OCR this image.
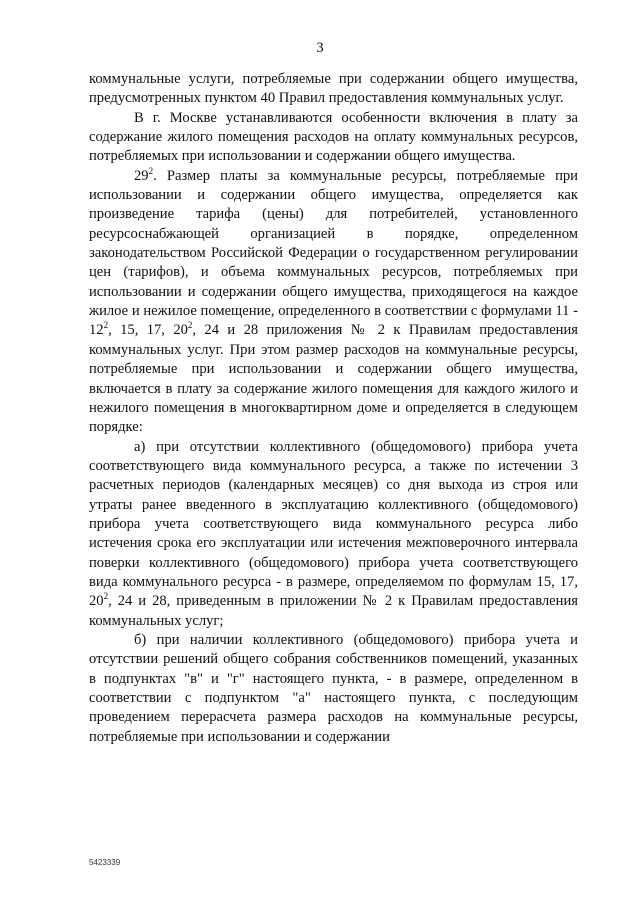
3

коммунальные услуги, потребляемые при содержании общего имущества, предусмотренных пунктом 40 Правил предоставления коммунальных услуг.

В г. Москве устанавливаются особенности включения в плату за содержание жилого помещения расходов на оплату коммунальных ресурсов, потребляемых при использовании и содержании общего имущества.

$29^2$. Размер платы за коммунальные ресурсы, потребляемые при использовании и содержании общего имущества, определяется как произведение тарифа (цены) для потребителей, установленного ресурсоснабжающей организацией в порядке, определенном законодательством Российской Федерации о государственном регулировании цен (тарифов), и объема коммунальных ресурсов, потребляемых при использовании и содержании общего имущества, приходящегося на каждое жилое и нежилое помещение, определенного в соответствии с формулами $11 - 12^2$, 15, 17, $20^2$, 24 и 28 приложения № 2 к Правилам предоставления коммунальных услуг. При этом размер расходов на коммунальные ресурсы, потребляемые при использовании и содержании общего имущества, включается в плату за содержание жилого помещения для каждого жилого и нежилого помещения в многоквартирном доме и определяется в следующем порядке:

а) при отсутствии коллективного (общедомового) прибора учета соответствующего вида коммунального ресурса, а также по истечении 3 расчетных периодов (календарных месяцев) со дня выхода из строя или утраты ранее введенного в эксплуатацию коллективного (общедомового) прибора учета соответствующего вида коммунального ресурса либо истечения срока его эксплуатации или истечения межповерочного интервала поверки коллективного (общедомового) прибора учета соответствующего вида коммунального ресурса - в размере, определяемом по формулам 15, 17, $20^2$, 24 и 28, приведенным в приложении № 2 к Правилам предоставления коммунальных услуг;

б) при наличии коллективного (общедомового) прибора учета и отсутствии решений общего собрания собственников помещений, указанных в подпунктах "в" и "г" настоящего пункта, - в размере, определенном в соответствии с подпунктом "а" настоящего пункта, с последующим проведением перерасчета размера расходов на коммунальные ресурсы, потребляемые при использовании и содержании

5423339
